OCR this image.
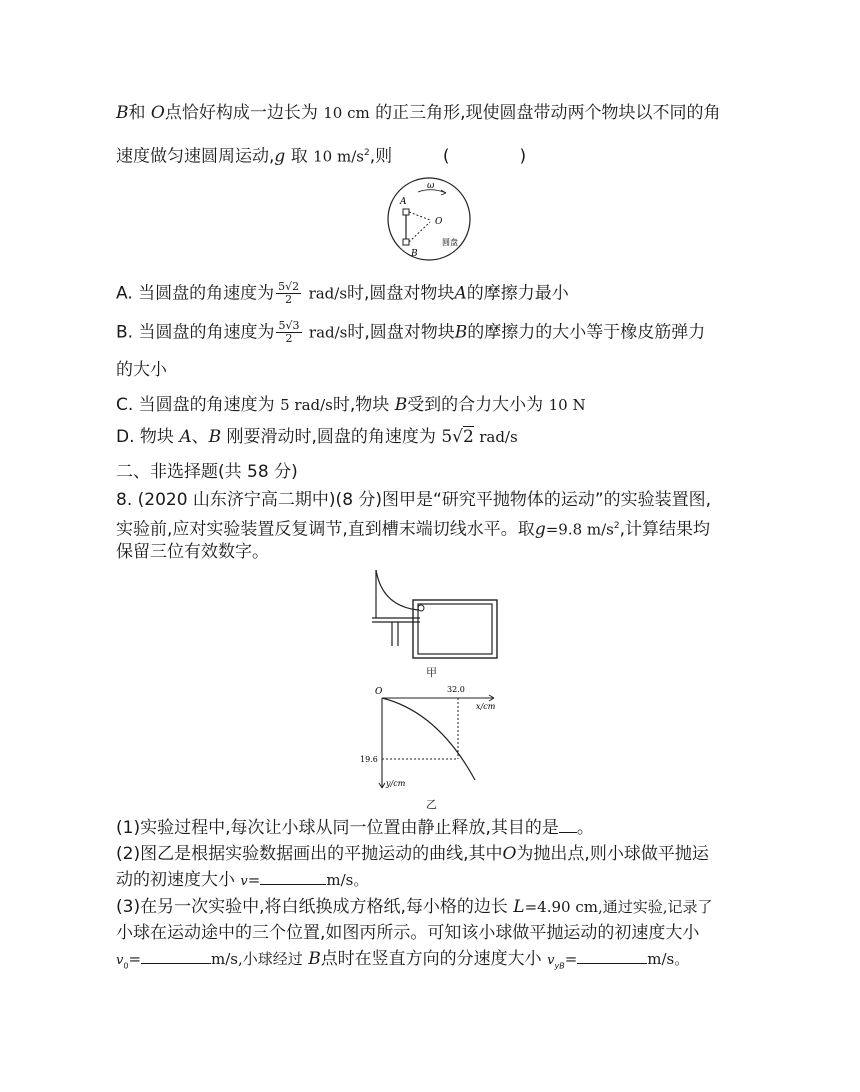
B和 O点恰好构成一边长为 10 cm 的正三角形,现使圆盘带动两个物块以不同的角
速度做匀速圆周运动,g 取 10 $m/s^2$,则	(	)
ω
A
O
B
圆盘
A. 当圆盘的角速度为 $\frac{5√2}{2} rad/s$时,圆盘对物块A的摩擦力最小
B. 当圆盘的角速度为 $\frac{5√3}{2} rad/s$时,圆盘对物块B的摩擦力的大小等于橡皮筋弹力
的大小
C. 当圆盘的角速度为 5 rad/s时,物块 B受到的合力大小为 10 N
D. 物块 A、B 刚要滑动时,圆盘的角速度为 5√2 rad/s
二、非选择题(共 58 分)
8. (2020 山东济宁高二期中)(8 分)图甲是“研究平抛物体的运动”的实验装置图,
实验前,应对实验装置反复调节,直到槽末端切线水平。取g=9.8 $m/s^2$,计算结果均
保留三位有效数字。
甲
O	32.0
x/cm
19.6
y/cm
乙
(1)实验过程中,每次让小球从同一位置由静止释放,其目的是 。
(2)图乙是根据实验数据画出的平抛运动的曲线,其中O为抛出点,则小球做平抛运
动的初速度大小 v=	m/s。
(3)在另一次实验中,将白纸换成方格纸,每小格的边长 L=4.90 cm,通过实验,记录了
小球在运动途中的三个位置,如图丙所示。可知该小球做平抛运动的初速度大小
$v_0=$	m/s,小球经过 B点时在竖直方向的分速度大小 $v_{yB}=$	m/s。
